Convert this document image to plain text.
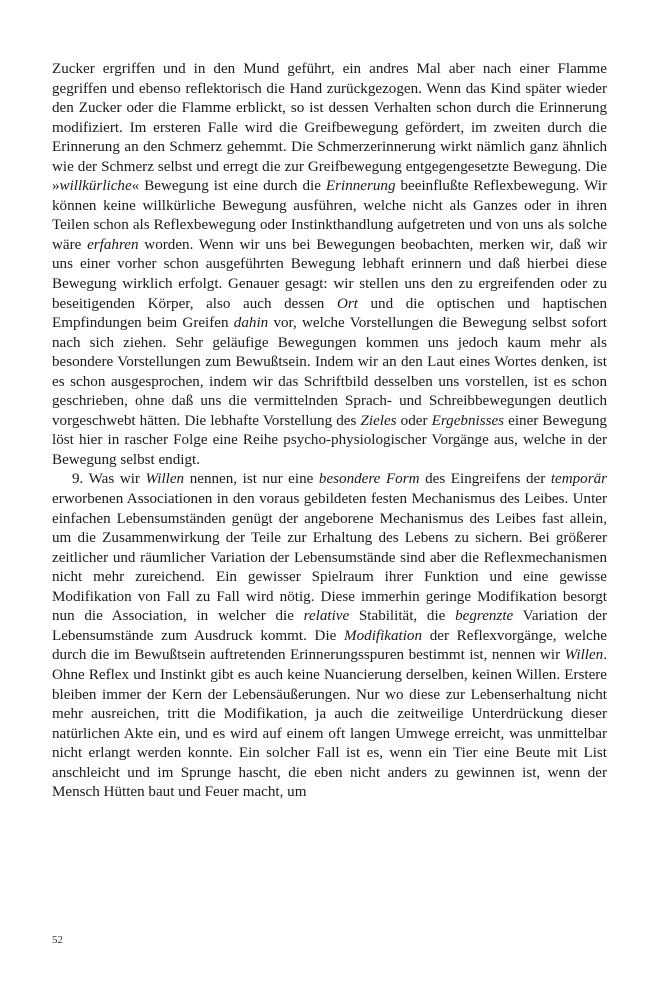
Zucker ergriffen und in den Mund geführt, ein andres Mal aber nach einer Flamme gegriffen und ebenso reflektorisch die Hand zurückgezogen. Wenn das Kind später wieder den Zucker oder die Flamme erblickt, so ist dessen Verhalten schon durch die Erinnerung modifiziert. Im ersteren Falle wird die Greifbewegung gefördert, im zweiten durch die Erinnerung an den Schmerz gehemmt. Die Schmerzerinnerung wirkt nämlich ganz ähnlich wie der Schmerz selbst und erregt die zur Greifbewegung entgegengesetzte Bewegung. Die »willkürliche« Bewegung ist eine durch die Erinnerung beeinflußte Reflexbewegung. Wir können keine willkürliche Bewegung ausführen, welche nicht als Ganzes oder in ihren Teilen schon als Reflexbewegung oder Instinkthandlung aufgetreten und von uns als solche wäre erfahren worden. Wenn wir uns bei Bewegungen beobachten, merken wir, daß wir uns einer vorher schon ausgeführten Bewegung lebhaft erinnern und daß hierbei diese Bewegung wirklich erfolgt. Genauer gesagt: wir stellen uns den zu ergreifenden oder zu beseitigenden Körper, also auch dessen Ort und die optischen und haptischen Empfindungen beim Greifen dahin vor, welche Vorstellungen die Bewegung selbst sofort nach sich ziehen. Sehr geläufige Bewegungen kommen uns jedoch kaum mehr als besondere Vorstellungen zum Bewußtsein. Indem wir an den Laut eines Wortes denken, ist es schon ausgesprochen, indem wir das Schriftbild desselben uns vorstellen, ist es schon geschrieben, ohne daß uns die vermittelnden Sprach- und Schreibbewegungen deutlich vorgeschwebt hätten. Die lebhafte Vorstellung des Zieles oder Ergebnisses einer Bewegung löst hier in rascher Folge eine Reihe psycho-physiologischer Vorgänge aus, welche in der Bewegung selbst endigt.

9. Was wir Willen nennen, ist nur eine besondere Form des Eingreifens der temporär erworbenen Associationen in den voraus gebildeten festen Mechanismus des Leibes. Unter einfachen Lebensumständen genügt der angeborene Mechanismus des Leibes fast allein, um die Zusammenwirkung der Teile zur Erhaltung des Lebens zu sichern. Bei größerer zeitlicher und räumlicher Variation der Lebensumstände sind aber die Reflexmechanismen nicht mehr zureichend. Ein gewisser Spielraum ihrer Funktion und eine gewisse Modifikation von Fall zu Fall wird nötig. Diese immerhin geringe Modifikation besorgt nun die Association, in welcher die relative Stabilität, die begrenzte Variation der Lebensumstände zum Ausdruck kommt. Die Modifikation der Reflexvorgänge, welche durch die im Bewußtsein auftretenden Erinnerungsspuren bestimmt ist, nennen wir Willen. Ohne Reflex und Instinkt gibt es auch keine Nuancierung derselben, keinen Willen. Erstere bleiben immer der Kern der Lebensäußerungen. Nur wo diese zur Lebenserhaltung nicht mehr ausreichen, tritt die Modifikation, ja auch die zeitweilige Unterdrückung dieser natürlichen Akte ein, und es wird auf einem oft langen Umwege erreicht, was unmittelbar nicht erlangt werden konnte. Ein solcher Fall ist es, wenn ein Tier eine Beute mit List anschleicht und im Sprunge hascht, die eben nicht anders zu gewinnen ist, wenn der Mensch Hütten baut und Feuer macht, um

52
